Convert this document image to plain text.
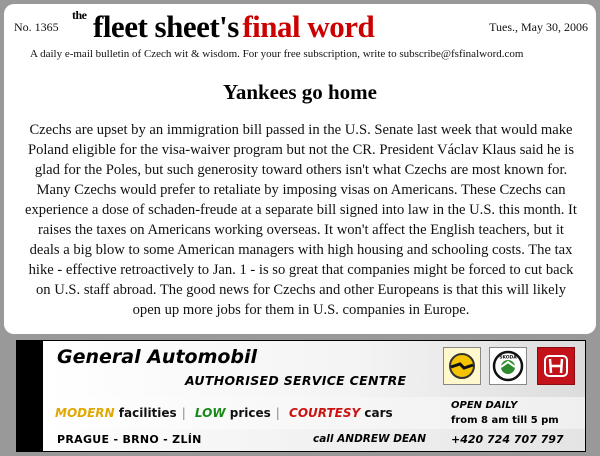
No. 1365
$^{the}$ fleet sheet's final word	Tues., May 30, 2006
A daily e-mail bulletin of Czech wit & wisdom. For your free subscription, write to subscribe@fsfinalword.com
Yankees go home

Czechs are upset by an immigration bill passed in the U.S. Senate last week that would make Poland eligible for the visa-waiver program but not the CR. President Václav Klaus said he is glad for the Poles, but such generosity toward others isn't what Czechs are most known for. Many Czechs would prefer to retaliate by imposing visas on Americans. These Czechs can experience a dose of schaden-freude at a separate bill signed into law in the U.S. this month. It raises the taxes on Americans working overseas. It won't affect the English teachers, but it deals a big blow to some American managers with high housing and schooling costs. The tax hike - effective retroactively to Jan. 1 - is so great that companies might be forced to cut back on U.S. staff abroad. The good news for Czechs and other Europeans is that this will likely open up more jobs for them in U.S. companies in Europe.

General Automobil
AUTHORISED SERVICE CENTRE
ŠKODA
MODERN facilities | LOW prices | COURTESY cars
OPEN DAILY
from 8 am till 5 pm
PRAGUE - BRNO - ZLÍN	call ANDREW DEAN +420 724 707 797
